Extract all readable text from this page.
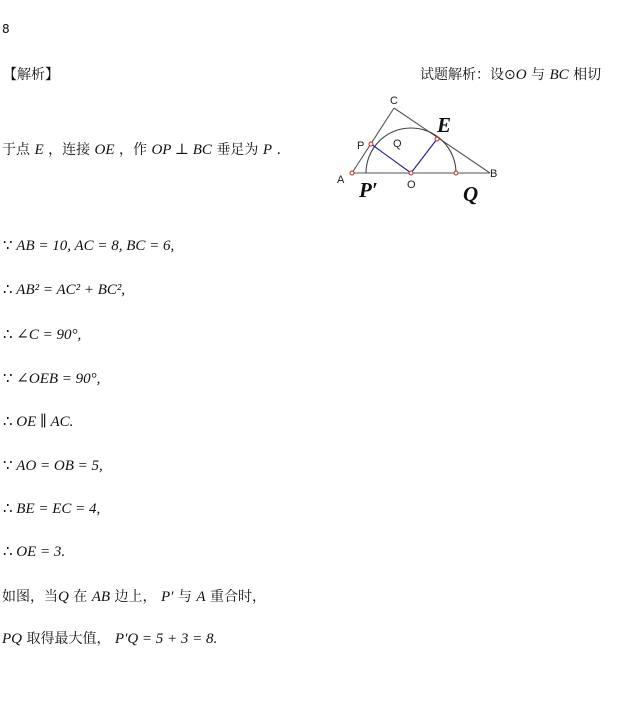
8
【解析】	试题解析：设⊙O 与 BC 相切
于点 E ，连接 OE ，作 OP ⊥ BC 垂足为 P .
C
E
P	Q
A	O
B
P′	Q
∵ AB = 10, AC = 8, BC = 6,
∴ AB² = AC² + BC²,
∴ ∠C = 90°,
∵ ∠OEB = 90°,
∴ OE ∥ AC.
∵ AO = OB = 5,
∴ BE = EC = 4,
∴ OE = 3.
如图，当Q 在 AB 边上， P′ 与 A 重合时，
PQ 取得最大值， P′Q = 5 + 3 = 8.
